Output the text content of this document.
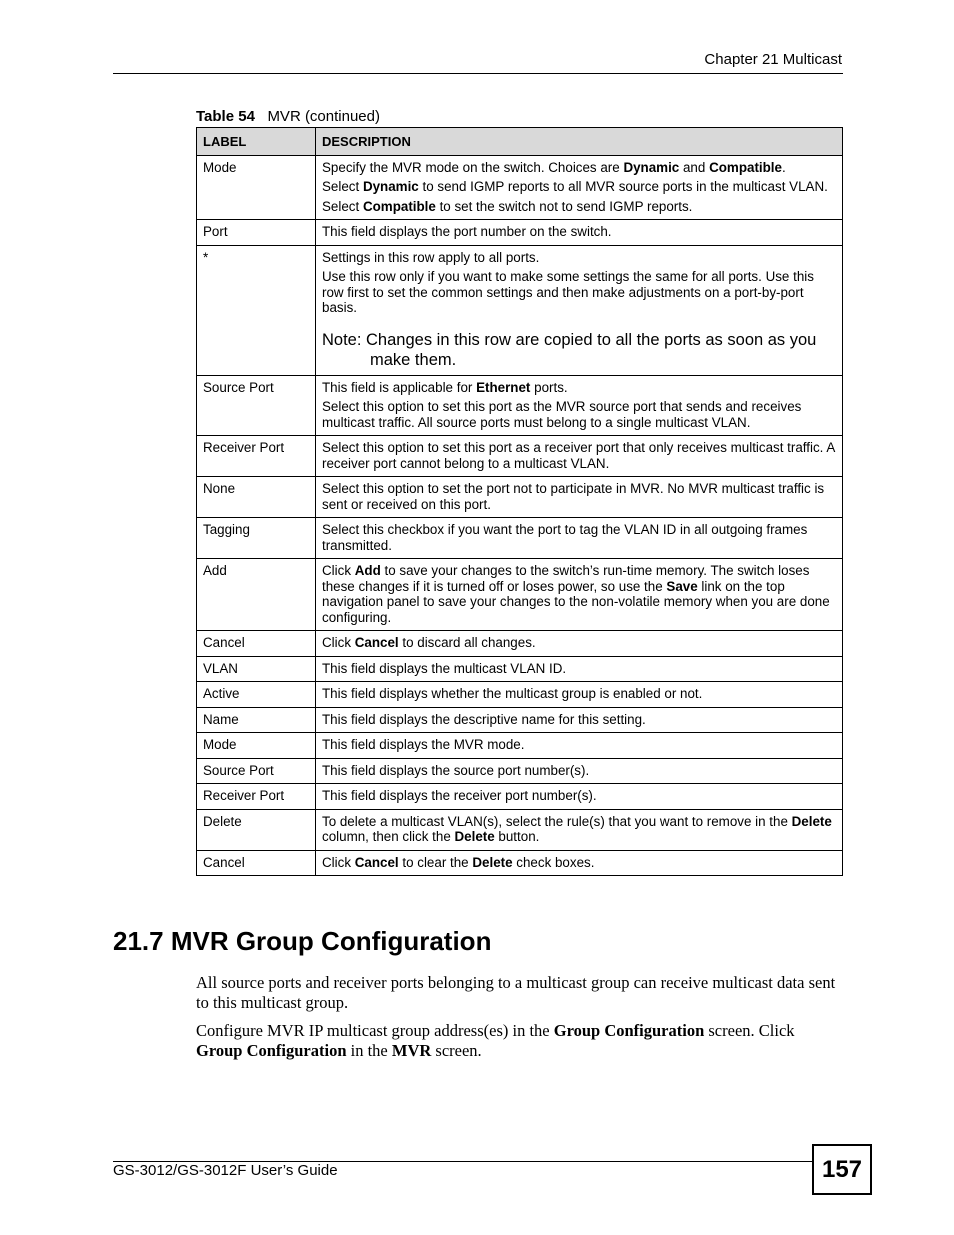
Chapter 21 Multicast
Table 54 MVR (continued)
LABEL	DESCRIPTION
Mode	Specify the MVR mode on the switch. Choices are Dynamic and Compatible.
Select Dynamic to send IGMP reports to all MVR source ports in the multicast VLAN.
Select Compatible to set the switch not to send IGMP reports.

Port	This field displays the port number on the switch.

*	Settings in this row apply to all ports.
Use this row only if you want to make some settings the same for all ports. Use this row first to set the common settings and then make adjustments on a port-by-port basis.
Note: Changes in this row are copied to all the ports as soon as you make them.

Source Port	This field is applicable for Ethernet ports.
Select this option to set this port as the MVR source port that sends and receives multicast traffic. All source ports must belong to a single multicast VLAN.

Receiver Port	Select this option to set this port as a receiver port that only receives multicast traffic. A receiver port cannot belong to a multicast VLAN.

None	Select this option to set the port not to participate in MVR. No MVR multicast traffic is sent or received on this port.

Tagging	Select this checkbox if you want the port to tag the VLAN ID in all outgoing frames transmitted.

Add	Click Add to save your changes to the switch’s run-time memory. The switch loses these changes if it is turned off or loses power, so use the Save link on the top navigation panel to save your changes to the non-volatile memory when you are done configuring.

Cancel	Click Cancel to discard all changes.

VLAN	This field displays the multicast VLAN ID.

Active	This field displays whether the multicast group is enabled or not.

Name	This field displays the descriptive name for this setting.

Mode	This field displays the MVR mode.

Source Port	This field displays the source port number(s).

Receiver Port	This field displays the receiver port number(s).

Delete	To delete a multicast VLAN(s), select the rule(s) that you want to remove in the Delete column, then click the Delete button.

Cancel	Click Cancel to clear the Delete check boxes.
21.7 MVR Group Configuration
All source ports and receiver ports belonging to a multicast group can receive multicast data sent to this multicast group.
Configure MVR IP multicast group address(es) in the Group Configuration screen. Click Group Configuration in the MVR screen.
GS-3012/GS-3012F User’s Guide	157
